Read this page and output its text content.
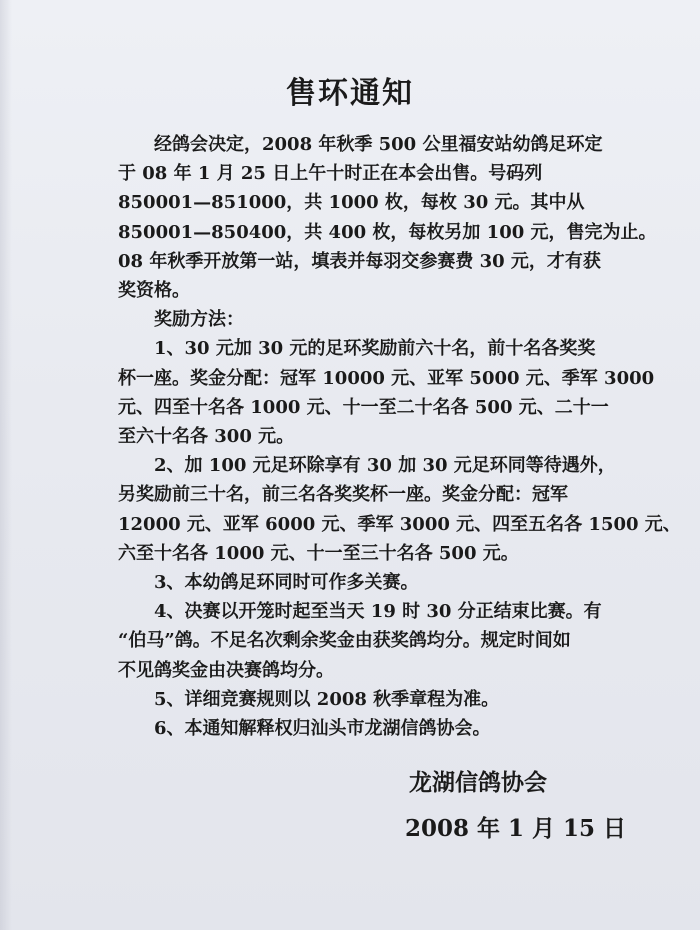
售环通知

经鸽会决定，2008 年秋季 500 公里福安站幼鸽足环定
于 08 年 1 月 25 日上午十时正在本会出售。号码列
850001—851000，共 1000 枚，每枚 30 元。其中从
850001—850400，共 400 枚，每枚另加 100 元，售完为止。
08 年秋季开放第一站，填表并每羽交参赛费 30 元，才有获
奖资格。

奖励方法：

1、30 元加 30 元的足环奖励前六十名，前十名各奖奖
杯一座。奖金分配：冠军 10000 元、亚军 5000 元、季军 3000
元、四至十名各 1000 元、十一至二十名各 500 元、二十一
至六十名各 300 元。

2、加 100 元足环除享有 30 加 30 元足环同等待遇外，
另奖励前三十名，前三名各奖奖杯一座。奖金分配：冠军
12000 元、亚军 6000 元、季军 3000 元、四至五名各 1500 元、
六至十名各 1000 元、十一至三十名各 500 元。

3、本幼鸽足环同时可作多关赛。

4、决赛以开笼时起至当天 19 时 30 分正结束比赛。有
“伯马”鸽。不足名次剩余奖金由获奖鸽均分。规定时间如
不见鸽奖金由决赛鸽均分。

5、详细竞赛规则以 2008 秋季章程为准。

6、本通知解释权归汕头市龙湖信鸽协会。

龙湖信鸽协会
2008 年 1 月 15 日
